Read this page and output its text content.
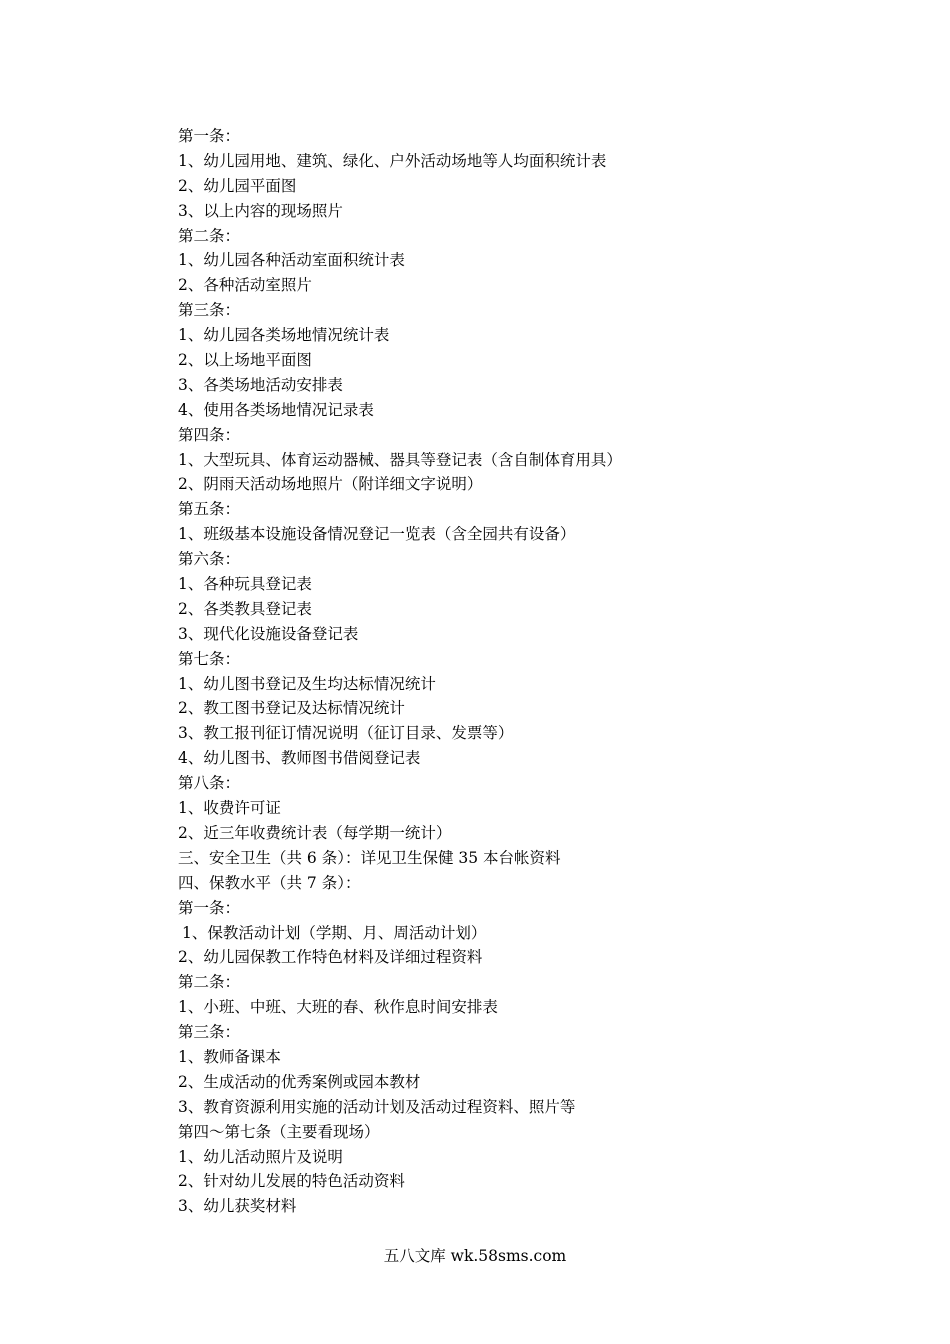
第一条：
1、幼儿园用地、建筑、绿化、户外活动场地等人均面积统计表
2、幼儿园平面图
3、以上内容的现场照片
第二条：
1、幼儿园各种活动室面积统计表
2、各种活动室照片
第三条：
1、幼儿园各类场地情况统计表
2、以上场地平面图
3、各类场地活动安排表
4、使用各类场地情况记录表
第四条：
1、大型玩具、体育运动器械、器具等登记表（含自制体育用具）
2、阴雨天活动场地照片（附详细文字说明）
第五条：
1、班级基本设施设备情况登记一览表（含全园共有设备）
第六条：
1、各种玩具登记表
2、各类教具登记表
3、现代化设施设备登记表
第七条：
1、幼儿图书登记及生均达标情况统计
2、教工图书登记及达标情况统计
3、教工报刊征订情况说明（征订目录、发票等）
4、幼儿图书、教师图书借阅登记表
第八条：
1、收费许可证
2、近三年收费统计表（每学期一统计）
三、安全卫生（共 6 条）：详见卫生保健 35 本台帐资料
四、保教水平（共 7 条）：
第一条：
1、保教活动计划（学期、月、周活动计划）
2、幼儿园保教工作特色材料及详细过程资料
第二条：
1、小班、中班、大班的春、秋作息时间安排表
第三条：
1、教师备课本
2、生成活动的优秀案例或园本教材
3、教育资源利用实施的活动计划及活动过程资料、照片等
第四～第七条（主要看现场）
1、幼儿活动照片及说明
2、针对幼儿发展的特色活动资料
3、幼儿获奖材料
五八文库 wk.58sms.com
